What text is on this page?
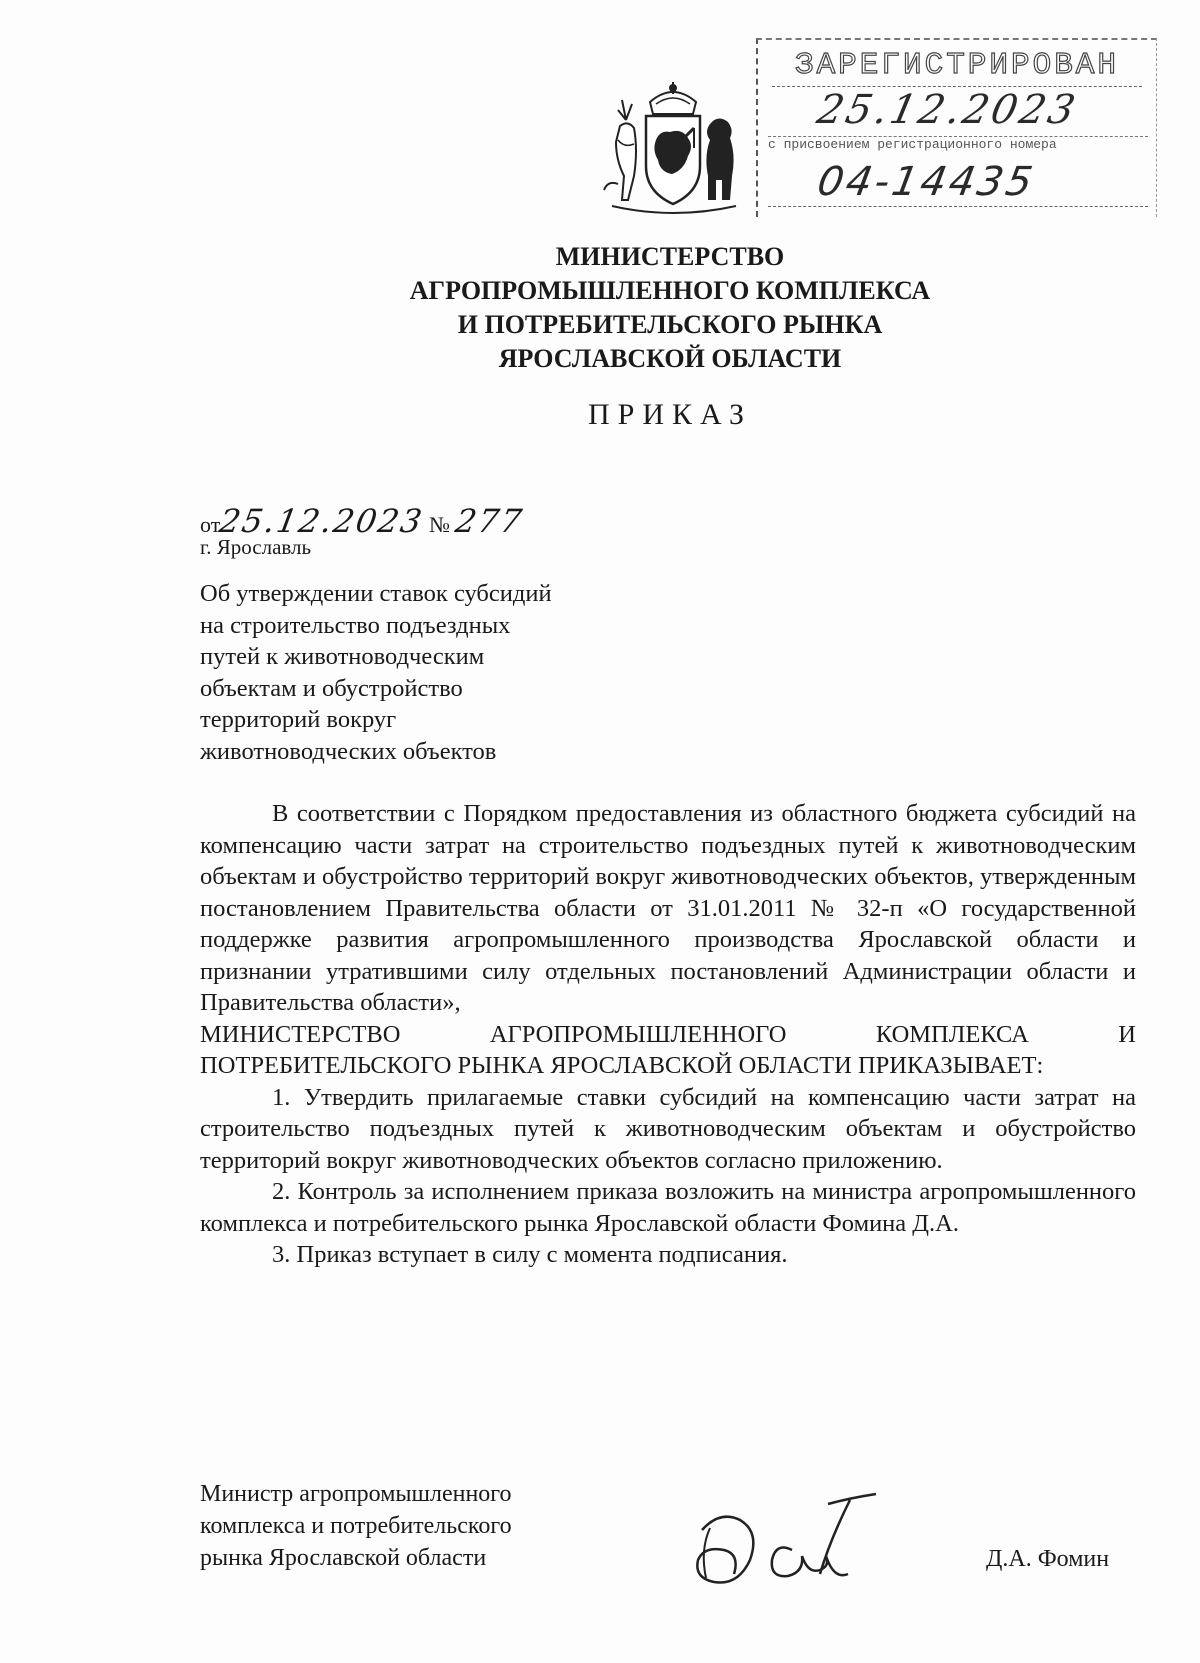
ЗАРЕГИСТРИРОВАН
25.12.2023
с присвоением регистрационного номера
04-14435
МИНИСТЕРСТВО
АГРОПРОМЫШЛЕННОГО КОМПЛЕКСА
И ПОТРЕБИТЕЛЬСКОГО РЫНКА
ЯРОСЛАВСКОЙ ОБЛАСТИ
ПРИКАЗ
от25.12.2023 № 277
г. Ярославль
Об утверждении ставок субсидий
на строительство подъездных
путей к животноводческим
объектам и обустройство
территорий вокруг
животноводческих объектов

В соответствии с Порядком предоставления из областного бюджета субсидий на компенсацию части затрат на строительство подъездных путей к животноводческим объектам и обустройство территорий вокруг животноводческих объектов, утвержденным постановлением Правительства области от 31.01.2011 № 32-п «О государственной поддержке развития агропромышленного производства Ярославской области и признании утратившими силу отдельных постановлений Администрации области и Правительства области»,

МИНИСТЕРСТВО АГРОПРОМЫШЛЕННОГО КОМПЛЕКСА И ПОТРЕБИТЕЛЬСКОГО РЫНКА ЯРОСЛАВСКОЙ ОБЛАСТИ ПРИКАЗЫВАЕТ:

1. Утвердить прилагаемые ставки субсидий на компенсацию части затрат на строительство подъездных путей к животноводческим объектам и обустройство территорий вокруг животноводческих объектов согласно приложению.

2. Контроль за исполнением приказа возложить на министра агропромышленного комплекса и потребительского рынка Ярославской области Фомина Д.А.

3. Приказ вступает в силу с момента подписания.

Министр агропромышленного
комплекса и потребительского
рынка Ярославской области	Д.А. Фомин
